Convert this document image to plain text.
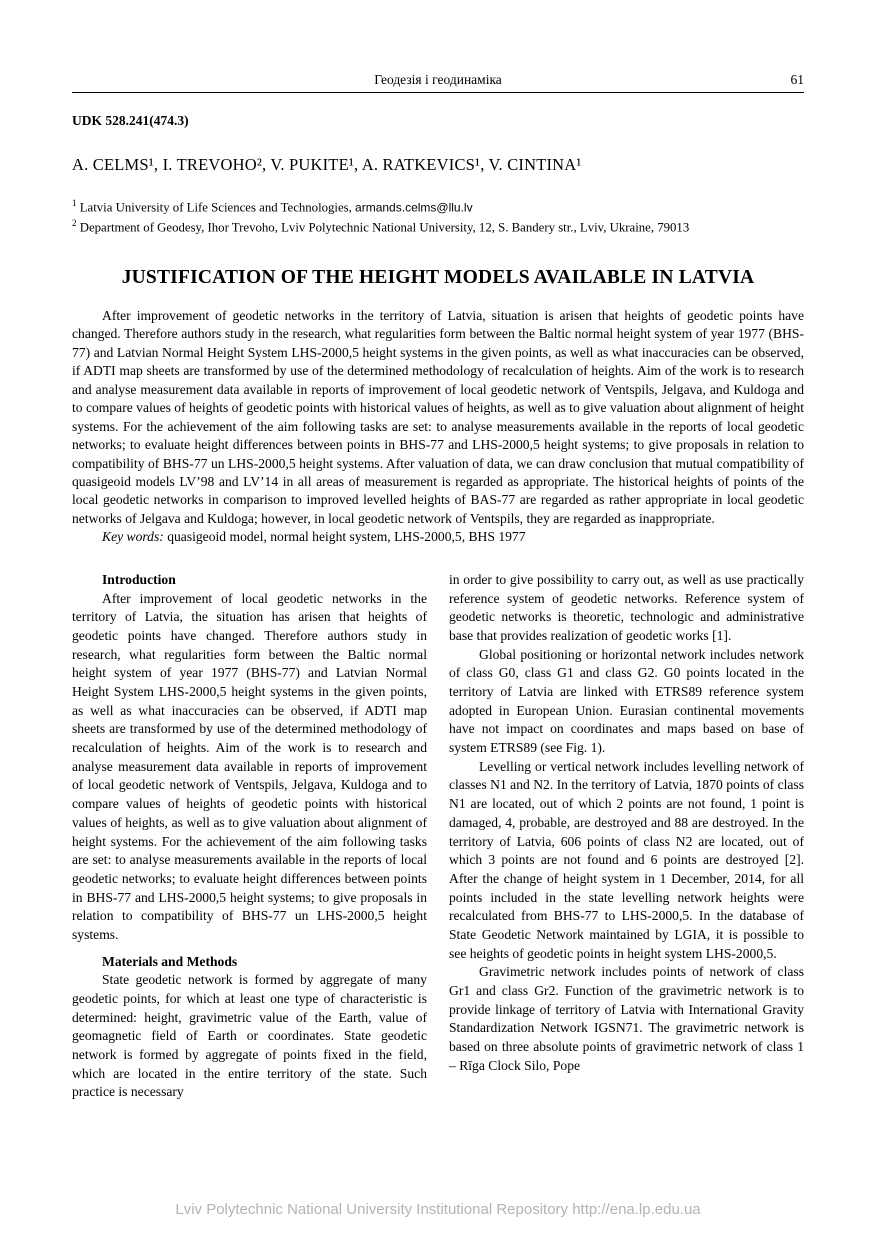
Геодезія і геодинаміка	61
UDK 528.241(474.3)
A. CELMS¹, I. TREVOHO², V. PUKITE¹, A. RATKEVICS¹, V. CINTINA¹

$^1$ Latvia University of Life Sciences and Technologies, armands.celms@llu.lv

$^2$ Department of Geodesy, Ihor Trevoho, Lviv Polytechnic National University, 12, S. Bandery str., Lviv, Ukraine, 79013

JUSTIFICATION OF THE HEIGHT MODELS AVAILABLE IN LATVIA

After improvement of geodetic networks in the territory of Latvia, situation is arisen that heights of geodetic points have changed. Therefore authors study in the research, what regularities form between the Baltic normal height system of year 1977 (BHS-77) and Latvian Normal Height System LHS-2000,5 height systems in the given points, as well as what inaccuracies can be observed, if ADTI map sheets are transformed by use of the determined methodology of recalculation of heights. Aim of the work is to research and analyse measurement data available in reports of improvement of local geodetic network of Ventspils, Jelgava, and Kuldoga and to compare values of heights of geodetic points with historical values of heights, as well as to give valuation about alignment of height systems. For the achievement of the aim following tasks are set: to analyse measurements available in the reports of local geodetic networks; to evaluate height differences between points in BHS-77 and LHS-2000,5 height systems; to give proposals in relation to compatibility of BHS-77 un LHS-2000,5 height systems. After valuation of data, we can draw conclusion that mutual compatibility of quasigeoid models LV’98 and LV’14 in all areas of measurement is regarded as appropriate. The historical heights of points of the local geodetic networks in comparison to improved levelled heights of BAS-77 are regarded as rather appropriate in local geodetic networks of Jelgava and Kuldoga; however, in local geodetic network of Ventspils, they are regarded as inappropriate.

Key words: quasigeoid model, normal height system, LHS-2000,5, BHS 1977

Introduction

After improvement of local geodetic networks in the territory of Latvia, the situation has arisen that heights of geodetic points have changed. Therefore authors study in research, what regularities form between the Baltic normal height system of year 1977 (BHS-77) and Latvian Normal Height System LHS-2000,5 height systems in the given points, as well as what inaccuracies can be observed, if ADTI map sheets are transformed by use of the determined methodology of recalculation of heights. Aim of the work is to research and analyse measurement data available in reports of improvement of local geodetic network of Ventspils, Jelgava, Kuldoga and to compare values of heights of geodetic points with historical values of heights, as well as to give valuation about alignment of height systems. For the achievement of the aim following tasks are set: to analyse measurements available in the reports of local geodetic networks; to evaluate height differences between points in BHS-77 and LHS-2000,5 height systems; to give proposals in relation to compatibility of BHS-77 un LHS-2000,5 height systems.

Materials and Methods

State geodetic network is formed by aggregate of many geodetic points, for which at least one type of characteristic is determined: height, gravimetric value of the Earth, value of geomagnetic field of Earth or coordinates. State geodetic network is formed by aggregate of points fixed in the field, which are located in the entire territory of the state. Such practice is necessary

in order to give possibility to carry out, as well as use practically reference system of geodetic networks. Reference system of geodetic networks is theoretic, technologic and administrative base that provides realization of geodetic works [1].

Global positioning or horizontal network includes network of class G0, class G1 and class G2. G0 points located in the territory of Latvia are linked with ETRS89 reference system adopted in European Union. Eurasian continental movements have not impact on coordinates and maps based on base of system ETRS89 (see Fig. 1).

Levelling or vertical network includes levelling network of classes N1 and N2. In the territory of Latvia, 1870 points of class N1 are located, out of which 2 points are not found, 1 point is damaged, 4, probable, are destroyed and 88 are destroyed. In the territory of Latvia, 606 points of class N2 are located, out of which 3 points are not found and 6 points are destroyed [2]. After the change of height system in 1 December, 2014, for all points included in the state levelling network heights were recalculated from BHS-77 to LHS-2000,5. In the database of State Geodetic Network maintained by LGIA, it is possible to see heights of geodetic points in height system LHS-2000,5.

Gravimetric network includes points of network of class Gr1 and class Gr2. Function of the gravimetric network is to provide linkage of territory of Latvia with International Gravity Standardization Network IGSN71. The gravimetric network is based on three absolute points of gravimetric network of class 1 – Rīga Clock Silo, Pope

Lviv Polytechnic National University Institutional Repository http://ena.lp.edu.ua
